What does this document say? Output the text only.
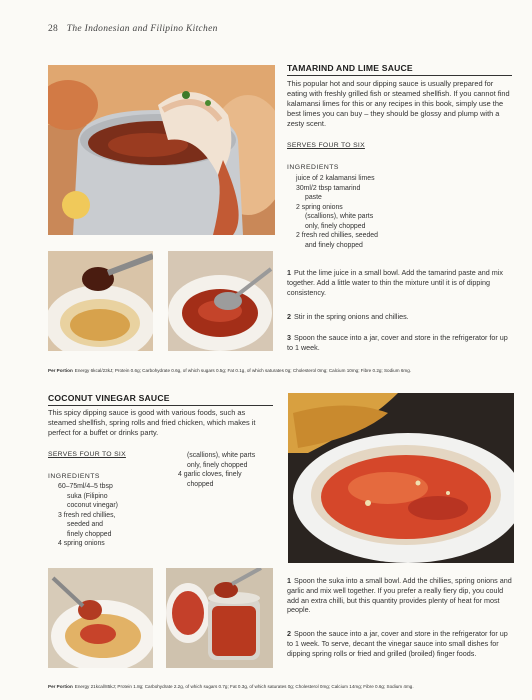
28 The Indonesian and Filipino Kitchen
TAMARIND AND LIME SAUCE
This popular hot and sour dipping sauce is usually prepared for eating with freshly grilled fish or steamed shellfish. If you cannot find kalamansi limes for this or any recipes in this book, simply use the best limes you can buy – they should be glossy and plump with a zesty scent.
SERVES FOUR TO SIX
INGREDIENTS
juice of 2 kalamansi limes
30ml/2 tbsp tamarind
paste
2 spring onions
(scallions), white parts
only, finely chopped
2 fresh red chillies, seeded
and finely chopped
1 Put the lime juice in a small bowl. Add the tamarind paste and mix together. Add a little water to thin the mixture until it is of dipping consistency.
2 Stir in the spring onions and chillies.
3 Spoon the sauce into a jar, cover and store in the refrigerator for up to 1 week.
Per Portion Energy 6kcal/23kJ; Protein 0.6g; Carbohydrate 0.6g, of which sugars 0.5g; Fat 0.1g, of which saturates 0g; Cholesterol 0mg; Calcium 10mg; Fibre 0.2g; Sodium 6mg.
COCONUT VINEGAR SAUCE
This spicy dipping sauce is good with various foods, such as steamed shellfish, spring rolls and fried chicken, which makes it perfect for a buffet or drinks party.
SERVES FOUR TO SIX
INGREDIENTS
60–75ml/4–5 tbsp
suka (Filipino
coconut vinegar)
3 fresh red chillies,
seeded and
finely chopped
4 spring onions
(scallions), white parts
only, finely chopped
4 garlic cloves, finely
chopped
1 Spoon the suka into a small bowl. Add the chillies, spring onions and garlic and mix well together. If you prefer a really fiery dip, you could add an extra chilli, but this quantity provides plenty of heat for most people.
2 Spoon the sauce into a jar, cover and store in the refrigerator for up to 1 week. To serve, decant the vinegar sauce into small dishes for dipping spring rolls or fried and grilled (broiled) finger foods.
Per Portion Energy 21kcal/85kJ; Protein 1.8g; Carbohydrate 2.2g, of which sugars 0.7g; Fat 0.3g, of which saturates 0g; Cholesterol 0mg; Calcium 14mg; Fibre 0.6g; Sodium 4mg.
